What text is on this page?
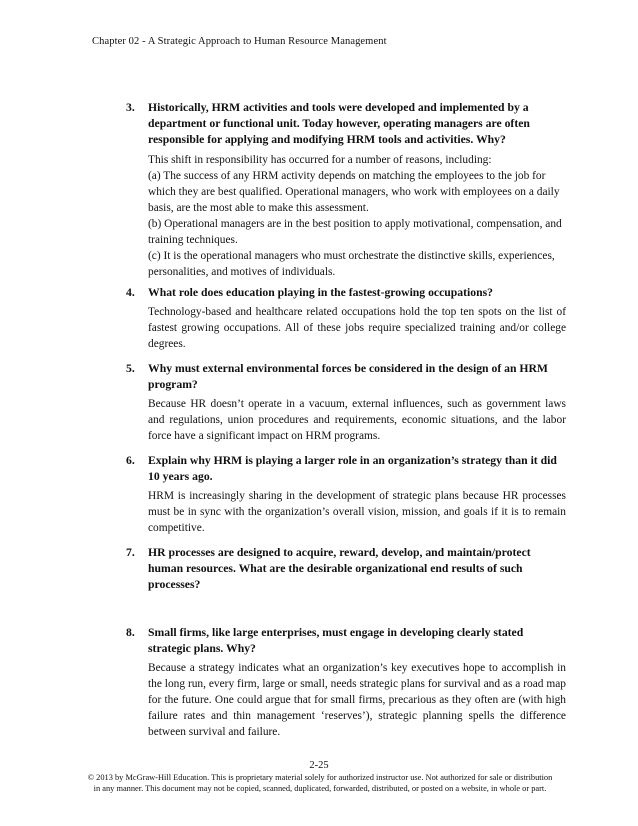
Chapter 02 - A Strategic Approach to Human Resource Management
3.	Historically, HRM activities and tools were developed and implemented by a department or functional unit. Today however, operating managers are often responsible for applying and modifying HRM tools and activities. Why?

This shift in responsibility has occurred for a number of reasons, including:

(a) The success of any HRM activity depends on matching the employees to the job for which they are best qualified. Operational managers, who work with employees on a daily basis, are the most able to make this assessment.

(b) Operational managers are in the best position to apply motivational, compensation, and training techniques.

(c) It is the operational managers who must orchestrate the distinctive skills, experiences, personalities, and motives of individuals.

4.	What role does education playing in the fastest-growing occupations?
Technology-based and healthcare related occupations hold the top ten spots on the list of fastest growing occupations. All of these jobs require specialized training and/or college degrees.
5.	Why must external environmental forces be considered in the design of an HRM program?
Because HR doesn’t operate in a vacuum, external influences, such as government laws and regulations, union procedures and requirements, economic situations, and the labor force have a significant impact on HRM programs.
6.	Explain why HRM is playing a larger role in an organization’s strategy than it did 10 years ago.
HRM is increasingly sharing in the development of strategic plans because HR processes must be in sync with the organization’s overall vision, mission, and goals if it is to remain competitive.
7.	HR processes are designed to acquire, reward, develop, and maintain/protect human resources. What are the desirable organizational end results of such processes?
8.	Small firms, like large enterprises, must engage in developing clearly stated strategic plans. Why?
Because a strategy indicates what an organization’s key executives hope to accomplish in the long run, every firm, large or small, needs strategic plans for survival and as a road map for the future. One could argue that for small firms, precarious as they often are (with high failure rates and thin management ‘reserves’), strategic planning spells the difference between survival and failure.
2-25

© 2013 by McGraw-Hill Education. This is proprietary material solely for authorized instructor use. Not authorized for sale or distribution

in any manner. This document may not be copied, scanned, duplicated, forwarded, distributed, or posted on a website, in whole or part.
